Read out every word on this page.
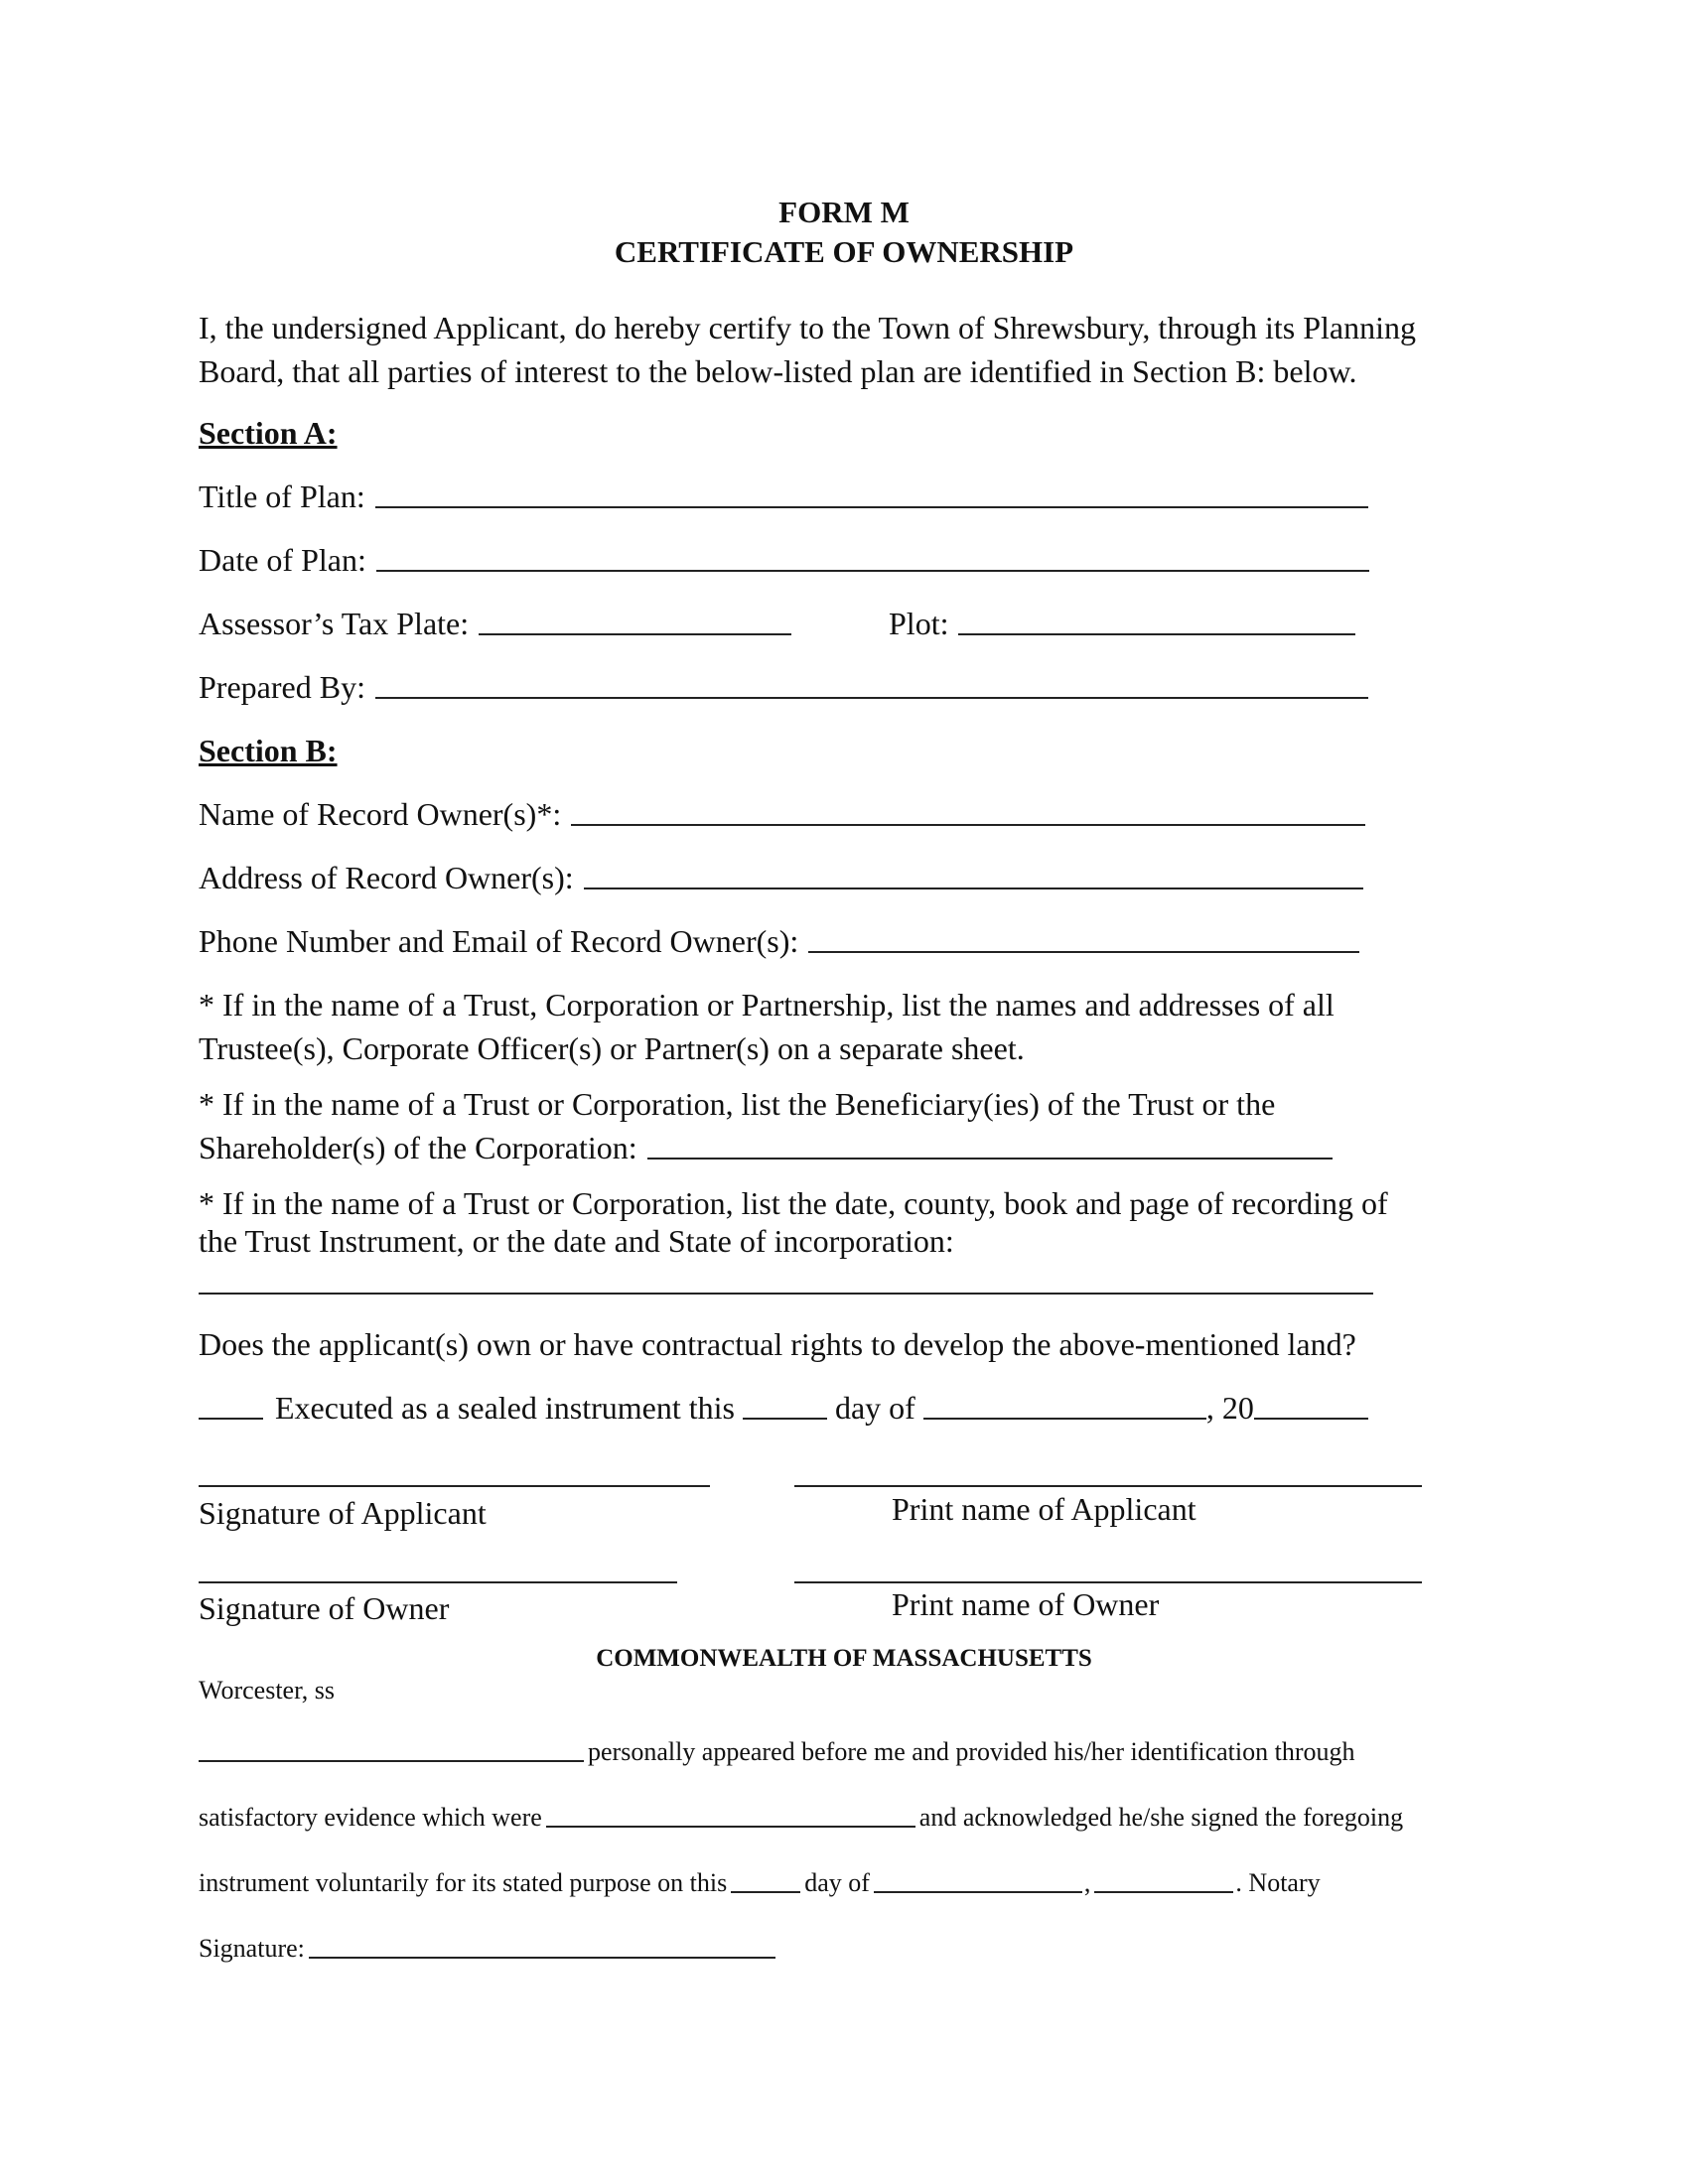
FORM M
CERTIFICATE OF OWNERSHIP
I, the undersigned Applicant, do hereby certify to the Town of Shrewsbury, through its Planning
Board, that all parties of interest to the below-listed plan are identified in Section B: below.
Section A:
Title of Plan:
Date of Plan:
Assessor’s Tax Plate:	Plot:
Prepared By:
Section B:
Name of Record Owner(s)*:
Address of Record Owner(s):
Phone Number and Email of Record Owner(s):
* If in the name of a Trust, Corporation or Partnership, list the names and addresses of all
Trustee(s), Corporate Officer(s) or Partner(s) on a separate sheet.
* If in the name of a Trust or Corporation, list the Beneficiary(ies) of the Trust or the
Shareholder(s) of the Corporation:
* If in the name of a Trust or Corporation, list the date, county, book and page of recording of
the Trust Instrument, or the date and State of incorporation:
Does the applicant(s) own or have contractual rights to develop the above-mentioned land?
Executed as a sealed instrument this	day of	, 20
Signature of Applicant	Print name of Applicant
Signature of Owner	Print name of Owner
COMMONWEALTH OF MASSACHUSETTS
Worcester, ss
personally appeared before me and provided his/her identification through
satisfactory evidence which were	and acknowledged he/she signed the foregoing
instrument voluntarily for its stated purpose on this	day of	,	. Notary
Signature:
